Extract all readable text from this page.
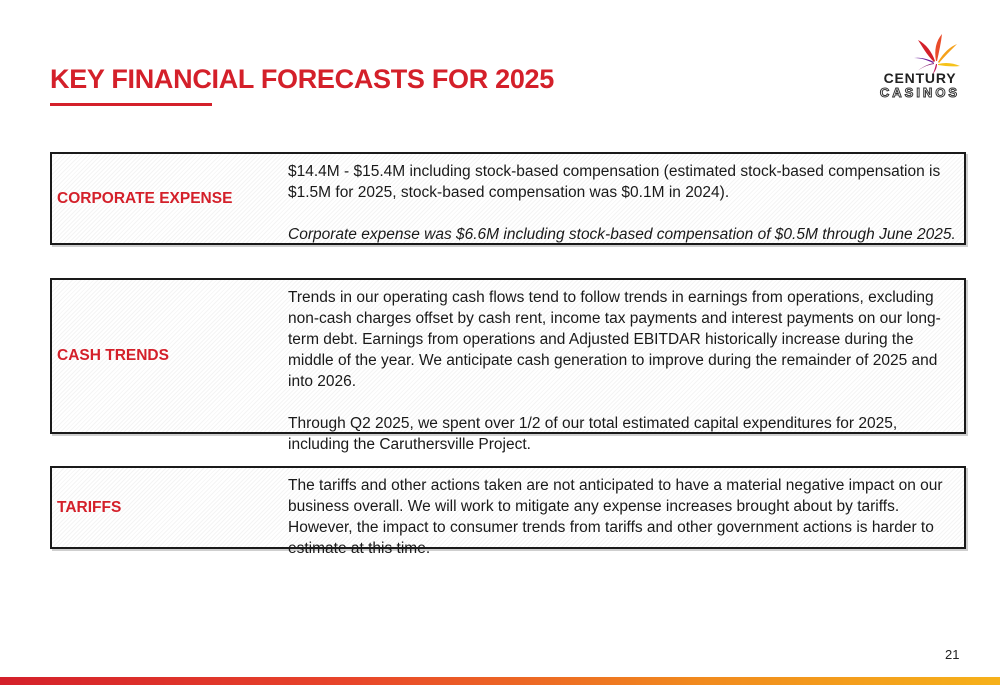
KEY FINANCIAL FORECASTS FOR 2025	CENTURY
CASINOS
CORPORATE EXPENSE

$14.4M - $15.4M including stock-based compensation (estimated stock-based compensation is $1.5M for 2025, stock-based compensation was $0.1M in 2024).

Corporate expense was $6.6M including stock-based compensation of $0.5M through June 2025.

CASH TRENDS

Trends in our operating cash flows tend to follow trends in earnings from operations, excluding non-cash charges offset by cash rent, income tax payments and interest payments on our long-term debt. Earnings from operations and Adjusted EBITDAR historically increase during the middle of the year. We anticipate cash generation to improve during the remainder of 2025 and into 2026.

Through Q2 2025, we spent over 1/2 of our total estimated capital expenditures for 2025, including the Caruthersville Project.

TARIFFS

The tariffs and other actions taken are not anticipated to have a material negative impact on our business overall. We will work to mitigate any expense increases brought about by tariffs. However, the impact to consumer trends from tariffs and other government actions is harder to estimate at this time.

21
